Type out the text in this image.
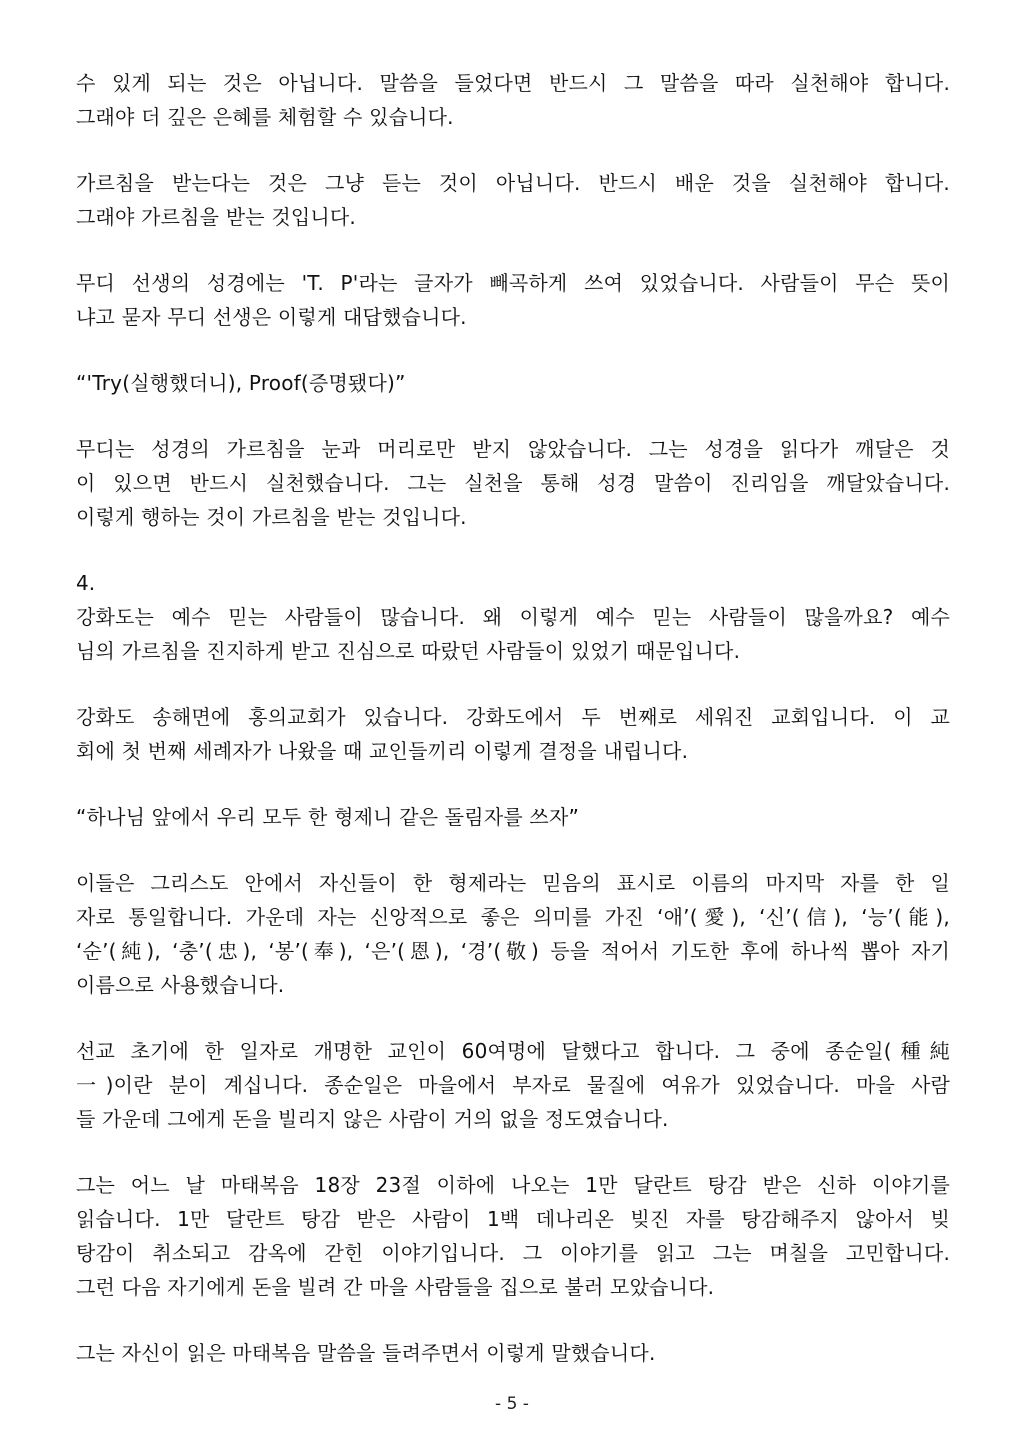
수 있게 되는 것은 아닙니다. 말씀을 들었다면 반드시 그 말씀을 따라 실천해야 합니다.
그래야 더 깊은 은혜를 체험할 수 있습니다.
가르침을 받는다는 것은 그냥 듣는 것이 아닙니다. 반드시 배운 것을 실천해야 합니다.
그래야 가르침을 받는 것입니다.
무디 선생의 성경에는 'T. P'라는 글자가 빼곡하게 쓰여 있었습니다. 사람들이 무슨 뜻이
냐고 묻자 무디 선생은 이렇게 대답했습니다.
“'Try(실행했더니), Proof(증명됐다)”
무디는 성경의 가르침을 눈과 머리로만 받지 않았습니다. 그는 성경을 읽다가 깨달은 것
이 있으면 반드시 실천했습니다. 그는 실천을 통해 성경 말씀이 진리임을 깨달았습니다.
이렇게 행하는 것이 가르침을 받는 것입니다.
4.
강화도는 예수 믿는 사람들이 많습니다. 왜 이렇게 예수 믿는 사람들이 많을까요? 예수
님의 가르침을 진지하게 받고 진심으로 따랐던 사람들이 있었기 때문입니다.
강화도 송해면에 홍의교회가 있습니다. 강화도에서 두 번째로 세워진 교회입니다. 이 교
회에 첫 번째 세례자가 나왔을 때 교인들끼리 이렇게 결정을 내립니다.
“하나님 앞에서 우리 모두 한 형제니 같은 돌림자를 쓰자”
이들은 그리스도 안에서 자신들이 한 형제라는 믿음의 표시로 이름의 마지막 자를 한 일
자로 통일합니다. 가운데 자는 신앙적으로 좋은 의미를 가진 ‘애’(愛), ‘신’(信), ‘능’(能),
‘순’(純), ‘충’(忠), ‘봉’(奉), ‘은’(恩), ‘경’(敬) 등을 적어서 기도한 후에 하나씩 뽑아 자기
이름으로 사용했습니다.
선교 초기에 한 일자로 개명한 교인이 60여명에 달했다고 합니다. 그 중에 종순일(種純
一)이란 분이 계십니다. 종순일은 마을에서 부자로 물질에 여유가 있었습니다. 마을 사람
들 가운데 그에게 돈을 빌리지 않은 사람이 거의 없을 정도였습니다.
그는 어느 날 마태복음 18장 23절 이하에 나오는 1만 달란트 탕감 받은 신하 이야기를
읽습니다. 1만 달란트 탕감 받은 사람이 1백 데나리온 빚진 자를 탕감해주지 않아서 빚
탕감이 취소되고 감옥에 갇힌 이야기입니다. 그 이야기를 읽고 그는 며칠을 고민합니다.
그런 다음 자기에게 돈을 빌려 간 마을 사람들을 집으로 불러 모았습니다.
그는 자신이 읽은 마태복음 말씀을 들려주면서 이렇게 말했습니다.
- 5 -
